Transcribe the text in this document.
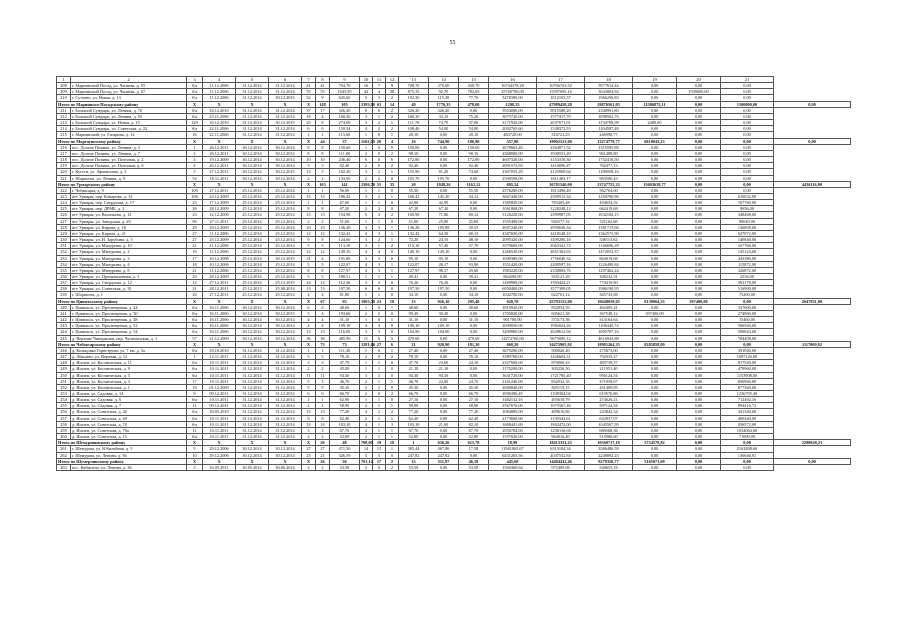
55
1	2	3	4	5	6	7	8	9	10	11	12	13	14	15	16	17	18	19	20	21	
208	г. Мариинский Посад, ул. Чапаева, д. 55	б/а	11.12.2006	31.12.2014	31.12.2014	41	41	704,70	16	7	9	708,70	270,00	438,70	16744378,28	10766763,52	5977614,44	0,00	0,00	0,00	
209	г. Мариинский Посад, ул. Чапаева, д. 67	б/а	11.12.2006	31.12.2014	31.12.2014	55	55	1043,50	42	4	38	875,35	92,70	782,65	25766700,00	15597695,16	3643004,84	0,00	1500000,00	0,00	
210	г. Сутчево, ул. Новая, д. 13	б/а	11.12.2006	31.12.2014	30.12.2015	52	9	645,60	5	3	2	192,30	115,30	77,70	5478380,00	3512103,37	1966256,83	0,00	0,00	0,00	
Итого по Мариинско-Посадскому району		X	X	X	X	X	148	105	2393,80	63	14	49	1776,35	478,00	1298,35	47989458,28	29876561,05	11586875,11	0,00	1500000,00	0,00
211	г. Большой Сундырь, ул. Ленина, д. 70	б/а	16.12.2010	31.12.2014	31.12.2014	37	17	326,20	8	6	2	326,20	326,20	0,00	5954000,00	5915588,20	2340991,80	0,00	0,00	0,00	
212	г. Большой Сундырь, ул. Ленина, д. 93	б/а	25.11.2006	31.12.2014	31.12.2014	18	4	168,30	3	1	2	168,30	33,10	75,20	3075720,00	1577417,70	1098502,76	0,00	0,00	0,00	
213	г. Большой Сундырь, ул. Новая, д. 15	129	16.12.2010	31.12.2014	30.12.2015	25	8	274,00	3	2	1	111,70	74,70	37,00	3171920,00	2037671,01	1134768,98	2480,00	0,00	0,00	
214	г. Большой Сундырь, ул. Советская, д. 22	б/а	22.11.2006	31.12.2014	31.12.2014	6	6	150,34	4	2	2	108,40	54,00	54,00	2092765,60	1538372,53	1104587,48	0,00	0,00	0,00	
215	г. Мариинский, ул. Гагарина, д. 12	16	22.11.2006	31.12.2014	31.12.2014	1	1	113,60	1	0	1	28,10	0,00	28,10	463720,00	316721,23	246998,77	0,00	0,00	0,00	
Итого по Моргаушскому району		X	X	X	X	X	44	37	1102,50	20	4	16	744,90	186,90	557,00	19092523,00	12274779,77	6818043,23	0,00	0,00	0,00
216	пос. Долгие Поляны, ул. Ленина, д. 3	1	26.12.2011	30.12.2014	30.12.2014	8	8	150,60	1	0	5	150,00	0,00	150,00	2678663,40	2364871,52	1315595,88	0,00	0,00	0,00	
217	пос. Долгие Поляны, ул. Ленина, д. 7	2	26.12.2011	30.12.2014	30.12.2014	8	8	111,00	2	0	2	98,10	0,00	98,10	2368000,00	1930551,20	961488,80	0,00	0,00	0,00	
218	пос. Долгие Поляны, ул. Почтовая, д. 2	3	19.12.2009	30.12.2014	30.12.2014	10	10	236,40	6	0	6	172,80	0,00	172,80	4607320,00	3153310,30	1752416,50	0,00	0,00	0,00	
219	пос. Долгие Поляны, ул. Почтовая, д. 6	4	26.12.2011	30.12.2014	30.12.2014	5	5	92,40	2	0	2	92,40	0,00	92,40	2091573,93	1410096,47	782477,13	0,00	0,00	0,00	
220	г. Кугеси, ул. Афанасьева, д. 2	5	27.12.2011	30.12.2014	30.12.2015	13	5	182,20	3	2	1	155,90	81,20	74,60	2367055,20	2125960,64	1186958,16	0,00	0,00	0,00	
221	г. Шоршелы, ул. Ленина, д. 9	54	18.11.2011	30.12.2014	30.12.2014	2	2	133,50	2	2	0	105,70	105,70	0,00	2590598,00	1611463,17	963506,43	0,00	0,00	0,00	
Итого по Урмарскому району		X	X	X	X	X	163	141	2306,70	55	35	20	1849,26	1163,12	695,54	36781540,00	23747755,23	15603638,77	0,00	0,00	4436116,00
222	г. Чебаксары, д. 9	109	27.12.2011	25.12.2014	25.12.2014	1	1	56,00	1	1	0	55,50	0,00	55,50	2576200,00	1813496,40	562704,60	0,00	0,00	0,00	
223	пгт Урмары, пер. Комарова, д. 13	106	24.12.2009	25.12.2014	25.12.2014	15	15	186,42	3	2	1	168,42	145,20	44,12	3667440,00	2399513,34	1259790,86	0,00	0,00	610032,00	
224	пгт Урмары, пер. Свердлова, д. 17	23	17.12.2009	25.12.2014	25.12.2014	1	1	67,60	1	1	0	42,90	42,90	0,00	1385820,00	783405,48	434654,52	0,00	0,00	167760,00	
225	пгт Урмары, пер. ДРМБ, д. 3	26	28.12.2009	25.12.2014	25.12.2014	8	8	67,20	2	2	0	67,20	67,20	0,00	1061868,00	1228248,12	662419,68	0,00	0,00	9656,00	
226	пгт Урмары, ул. Васильева, д. 12	23	12.12.2006	25.12.2014	25.12.2014	15	13	194,98	5	3	2	160,98	71,86	89,12	5120220,00	2599987,05	1632184,15	0,00	0,00	348468,00	
227	пгт Урмары, ул. Заводская, д. 29	96	27.11.2011	25.12.2014	25.12.2014	2	2	51,60	1	1	0	51,00	25,80	25,80	1555490,00	940277,32	521162,68	0,00	0,00	88040,00	
228	пгт Урмары, ул. Кирова, д. 18	29	29.12.2009	25.12.2014	25.12.2014	10	10	136,28	4	3	1	136,28	105,88	30,55	4607240,00	2950636,34	1381715,66	0,00	0,00	136808,00	
229	пгт Урмары, ул. Кирова, д. 21	27	11.12.2006	25.12.2014	25.12.2014	12	12	132,42	4	3	1	132,42	64,30	68,13	4387650,00	2418148,10	1362573,90	0,00	0,00	627072,00	
230	пгт Урмары, ул. И. Зарубина, д. 5	27	25.12.2009	25.12.2014	25.12.2014	9	8	124,60	3	2	1	72,20	24,10	48,10	2095320,00	1409286,18	546113,82	0,00	0,00	140840,00	
231	пгт Урмары, ул. Мичурина, д. 10	21	11.12.2006	25.12.2014	25.12.2014	5	5	113,10	3	1	2	115,10	57,40	57,70	3579600,00	2063341,72	1146696,28	0,00	0,00	167760,00	
232	пгт Урмары, ул. Мичурина, д. 2	16	11.12.2006	25.12.2014	25.12.2014	12	12	149,10	4	4	0	149,10	149,10	0,00	4266520,00	2651363,63	1472052,37	0,00	0,00	145124,00	
233	пгт Урмары, ул. Мичурина, д. 3	17	10.12.2006	25.12.2014	30.12.2015	31	4	191,80	3	3	0	95,10	95,10	0,00	1049380,00	1756040,32	864019,68	0,00	0,00	443380,00	
234	пгт Урмары, ул. Мичурина, д. 4	18	10.12.2006	25.12.2014	25.12.2014	5	5	122,07	4	3	1	122,07	28,17	93,90	1551420,00	2209597,16	1226490,84	0,00	0,00	115872,00	
235	пгт Урмары, ул. Мичурина, д. 8	21	11.12.2006	25.12.2014	25.12.2014	8	8	127,97	4	3	1	127,97	98,37	29,60	1983220,00	2330083,76	1297462,24	0,00	0,00	326872,00	
236	пгт Урмары, ул. Промышленная, д. 3	20	28.12.2009	25.12.2014	25.12.2014	5	5	188,51	1	1	1	39,41	0,00	39,41	864200,00	555121,29	308232,91	0,00	0,00	2556,00	
237	пгт Урмары, ул. Свердлова, д. 12	12	27.12.2011	25.12.2014	25.12.2015	24	12	112,36	3	3	0	76,26	76,26	0,00	1469900,00	1394424,21	774419,80	0,00	0,00	392178,00	
238	пгт Урмары, ул. Советская, д. 10	21	28.12.2011	25.12.2013	25.08.2014	13	13	197,50	6	6	0	197,50	197,50	0,00	6050400,00	3577309,05	1986190,95	0,00	0,00	516900,00	
239	г. Шоршелы, д. 1	26	27.12.2011	25.12.2014	25.12.2014	4	4	81,80	1	1	0	34,10	0,00	34,10	1042700,00	622701,12	345733,88	0,00	0,00	75200,00	
Итого по Цивильскому району		X	X	X	X	X	67	65	1963,50	23	10	13	926,10	295,40	620,70	25793152,00	16648058,65	8138064,35	397400,00	0,00	2047931,00
240	г. Цивильск, ул. Просвещения, д. 44	б/а	16.11.2006	30.12.2014	30.12.2014	6	6	48,60	1	0	1	48,60	0,00	48,60	1810920,00	832854,59	462405,41	0,00	0,00	327600,00	
241	г. Цивильск, ул. Просвещения, д. 50	б/а	16.11.2006	30.12.2014	30.12.2015	5	4	193,60	2	2	0	99,40	30,40	0,00	1705820,00	605621,38	367548,12	397400,00	0,00	274860,00	
242	г. Цивильск, ул. Просвещения, д. 48	б/а	16.11.2006	30.12.2014	30.12.2014	4	4	31,10	1	0	1	31,10	0,00	31,10	901700,00	573173,36	313164,64	0,00	0,00	15460,00	
243	г. Цивильск, ул. Просвещения, д. 52	б/а	16.11.2006	30.12.2014	30.12.2014	4	4	109,10	4	4	0	109,10	109,10	0,00	2009050,00	1982024,26	1106445,74	0,00	0,00	506560,00	
244	г. Цивильск, ул. Просвещения, д. 54	б/а	16.11.2006	30.12.2014	30.12.2014	13	13	116,00	3	3	0	104,90	104,90	0,00	3490960,00	2028612,94	1005707,16	0,00	0,00	506644,00	
245	д. Верхние Чинеряшки, пер. Чулихинская, д. 1	57	21.12.2009	30.12.2014	30.12.2014	36	36	485,90	11	6	5	479,60	0,00	479,60	14272760,00	9675000,12	4616943,88	0,00	0,00	784408,00	
Итого по Чебоксарскому району		X	X	X	X	X	73	73	1281,60	27	6	21	920,90	181,30	660,20	34475905,92	18981264,35	8385858,09	0,00	0,00	1117000,92
246	д. Кольцовка Горнструма, ул. 7 км, д. 5а	б/а	18.10.2010	31.12.2014	31.12.2014	1	1	111,30	1	0	1	27,40	0,00	27,40	3679200,00	500020,40	275673,60	0,00	0,00	391040,00	
247	д. Абашево, ул. Верхняя, д. 12	1	12.11.2011	31.12.2014	31.12.2014	5	5	78,10	2	0	2	78,10	0,00	78,10	3389760,00	1426604,31	792035,47	0,00	0,00	1087126,00	
248	д. Ишлеи, ул. Космическая, д. 11	б/а	10.11.2011	31.12.2014	31.12.2014	3	3	47,70	1	1	0	47,70	23,60	24,10	2327600,00	870800,43	483739,57	0,00	0,00	817520,00	
249	д. Ишлеи, ул. Космическая, д. 9	б/а	10.11.2011	31.12.2014	31.12.2014	2	2	45,00	1	1	0	21,10	21,10	0,00	1170200,00	305256,50	211951,40	0,00	0,00	479960,00	
250	д. Ишлеи, ул. Космическая, д. 5	б/а	10.11.2011	31.12.2014	31.12.2014	11	11	94,30	3	3	0	94,30	94,30	0,00	3631720,00	1721795,40	956124,54	0,00	0,00	1153908,00	
251	д. Ишлеи, ул. Космическая, д. 3	17	10.11.2011	31.12.2014	31.12.2014	5	5	46,70	2	1	1	46,70	22,00	24,70	2161240,00	832932,35	471958,67	0,00	0,00	856960,00	
252	д. Ишлеи, ул. Космическая, д. 1	18	01.12.2009	31.12.2014	31.12.2014	9	9	45,30	2	2	0	45,30	0,00	45,30	2060840,00	825119,15	451400,85	0,00	0,00	877360,00	
253	д. Ишлеи, ул. Садовая, д. 14	9	09.12.2011	31.12.2014	31.12.2014	6	6	66,70	2	0	2	66,70	0,00	66,70	2096396,45	1108304,04	619576,86	0,00	0,00	1236795,40	
254	д. Ишлеи, ул. Садовая, д. 6	б/а	10.11.2011	31.12.2014	31.12.2014	1	1	62,90	1	1	0	27,10	0,00	27,10	1482132,16	493610,79	274629,21	0,00	0,00	712492,16	
255	д. Ишлеи, ул. Садовая, д. 7	11	09.12.2011	31.12.2014	31.12.2014	2	2	58,90	2	1	1	58,90	0,00	58,90	2567676,00	1075567,46	597122,54	0,00	0,00	894416,72	
256	д. Ишлеи, ул. Советская, д. 42	б/а	20.05.2010	31.12.2014	31.12.2014	15	13	77,20	4	2	2	77,20	0,00	77,20	1084800,00	409616,86	223842,34	0,00	0,00	341340,00	
257	д. Ишлеи, ул. Советская, д. 69	б/а	10.11.2011	31.12.2014	31.12.2014	8	8	62,40	2	1	1	62,40	0,00	62,40	2173600,00	1139342,61	632837,07	0,00	0,00	400440,00	
258	д. Ишлеи, ул. Советская, д. 70	б/а	10.11.2011	31.12.2014	31.12.2014	14	14	103,10	4	1	3	103,10	21,60	82,10	1668441,69	1802472,00	1045567,95	0,00	0,00	936572,00	
259	д. Ишлеи, ул. Советская, д. 70а	11	10.11.2011	31.12.2014	31.12.2014	3	3	67,70	2	1	1	67,70	0,00	67,70	2056784,00	1236116,04	686568,36	0,00	0,00	1034064,00	
260	д. Ишлеи, ул. Советская, д. 15	б/а	10.11.2011	31.12.2014	31.12.2014	2	2	52,80	2	1	1	52,80	0,00	52,80	1557620,00	964016,40	515980,60	0,00	0,00	71690,00	
Итого по Шемуршинскому району		X	X	X	X	X	50	48	798,09	19	18	1	636,26	615,78	18,98	18413331,23	10360717,18	5754578,82	0,00	0,00	2298628,23
261	г. Шемурша, ул. Юбилейная, д. 5	9	29.12.2006	30.12.2014	30.12.2014	27	27	471,50	14	13	1	385,44	367,86	17,58	11981065,67	6313184,34	3586486,59	0,00	0,00	2163208,60	
262	г. Шемурша, ул. Ленина, д. 36	10	29.12.2006	30.12.2014	30.12.2014	23	21	326,59	5	5	0	247,82	247,82	0,00	6431265,56	4047532,84	2248092,23	0,00	0,00	136646,91	
Итого по Шумерлинскому району		X	X	X	X	X	26	26	701,14	17	2	15	511,87	46,19	445,68	14484432,46	9279356,77	5165071,69	0,00	0,00	0,00
263	пос. Кабыгино, ул. Ленина, д. 36	3	16.05.2011	30.05.2014	30.06.2014	2	2	53,58	2	0	2	53,58	0,00	53,58	1560460,64	972409,98	540653,18	0,00	0,00	0,00	
